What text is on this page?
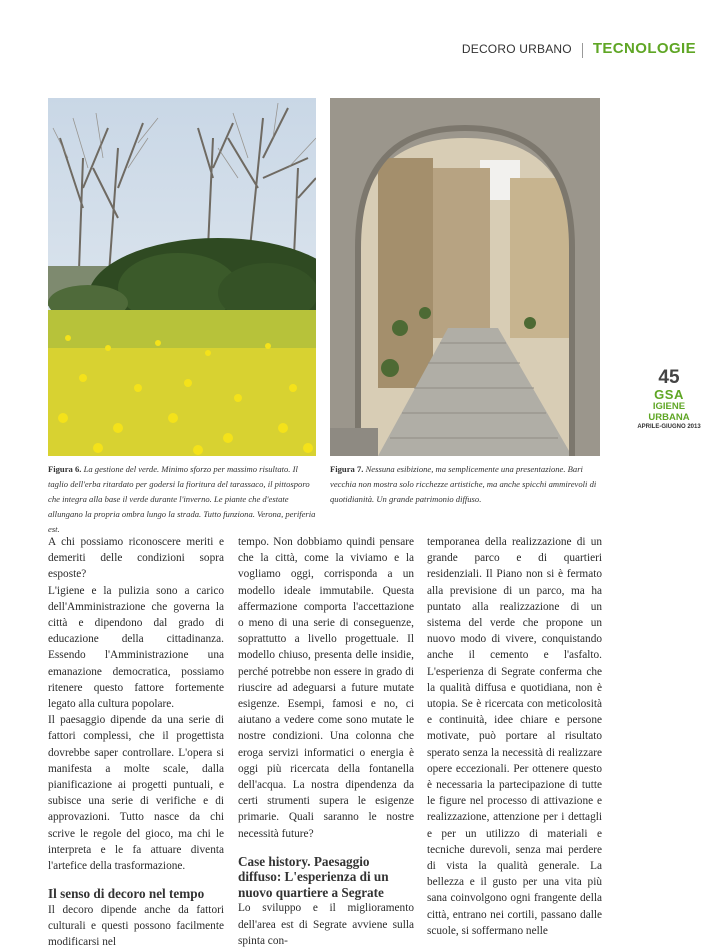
DECORO URBANO TECNOLOGIE
Figura 6. La gestione del verde. Minimo sforzo per massimo risultato. Il taglio dell'erba ritardato per godersi la fioritura del tarassaco, il pittosporo che integra alla base il verde durante l'inverno. Le piante che d'estate allungano la propria ombra lungo la strada. Tutto funziona. Verona, periferia est.
Figura 7. Nessuna esibizione, ma semplicemente una presentazione. Bari vecchia non mostra solo ricchezze artistiche, ma anche spicchi ammirevoli di quotidianità. Un grande patrimonio diffuso.
45
GSA
IGIENE URBANA
APRILE-GIUGNO 2013

A chi possiamo riconoscere meriti e demeriti delle condizioni sopra esposte?

L'igiene e la pulizia sono a carico dell'Amministrazione che governa la città e dipendono dal grado di educazione della cittadinanza. Essendo l'Amministrazione una emanazione democratica, possiamo ritenere questo fattore fortemente legato alla cultura popolare.

Il paesaggio dipende da una serie di fattori complessi, che il progettista dovrebbe saper controllare. L'opera si manifesta a molte scale, dalla pianificazione ai progetti puntuali, e subisce una serie di verifiche e di approvazioni. Tutto nasce da chi scrive le regole del gioco, ma chi le interpreta e le fa attuare diventa l'artefice della trasformazione.

Il senso di decoro nel tempo

Il decoro dipende anche da fattori culturali e questi possono facilmente modificarsi nel

tempo. Non dobbiamo quindi pensare che la città, come la viviamo e la vogliamo oggi, corrisponda a un modello ideale immutabile. Questa affermazione comporta l'accettazione o meno di una serie di conseguenze, soprattutto a livello progettuale. Il modello chiuso, presenta delle insidie, perché potrebbe non essere in grado di riuscire ad adeguarsi a future mutate esigenze. Esempi, famosi e no, ci aiutano a vedere come sono mutate le nostre condizioni. Una colonna che eroga servizi informatici o energia è oggi più ricercata della fontanella dell'acqua. La nostra dipendenza da certi strumenti supera le esigenze primarie. Quali saranno le nostre necessità future?

Case history. Paesaggio diffuso: L'esperienza di un nuovo quartiere a Segrate

Lo sviluppo e il miglioramento dell'area est di Segrate avviene sulla spinta con-

temporanea della realizzazione di un grande parco e di quartieri residenziali. Il Piano non si è fermato alla previsione di un parco, ma ha puntato alla realizzazione di un sistema del verde che propone un nuovo modo di vivere, conquistando anche il cemento e l'asfalto. L'esperienza di Segrate conferma che la qualità diffusa e quotidiana, non è utopia. Se è ricercata con meticolosità e continuità, idee chiare e persone motivate, può portare al risultato sperato senza la necessità di realizzare opere eccezionali. Per ottenere questo è necessaria la partecipazione di tutte le figure nel processo di attivazione e realizzazione, attenzione per i dettagli e per un utilizzo di materiali e tecniche durevoli, senza mai perdere di vista la qualità generale. La bellezza e il gusto per una vita più sana coinvolgono ogni frangente della città, entrano nei cortili, passano dalle scuole, si soffermano nelle
